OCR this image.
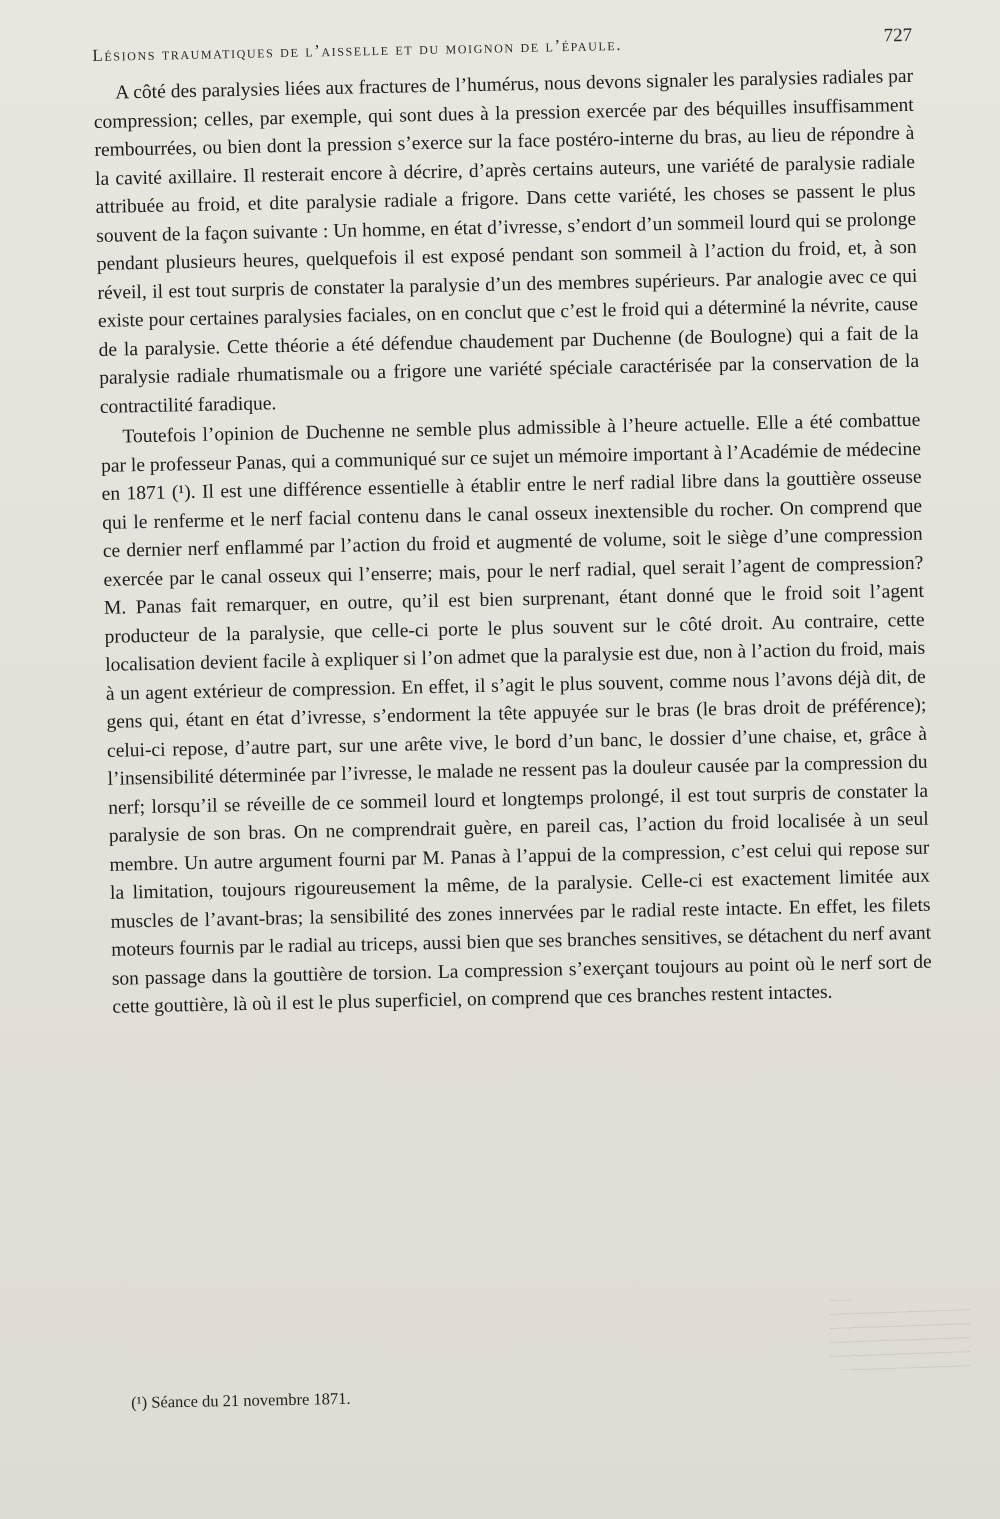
Lésions traumatiques de l’aisselle et du moignon de l’épaule.	727

A côté des paralysies liées aux fractures de l’humérus, nous devons signaler les paralysies radiales par compression; celles, par exemple, qui sont dues à la pression exercée par des béquilles insuffisamment rembourrées, ou bien dont la pression s’exerce sur la face postéro-interne du bras, au lieu de répondre à la cavité axillaire. Il resterait encore à décrire, d’après certains auteurs, une variété de paralysie radiale attribuée au froid, et dite paralysie radiale a frigore. Dans cette variété, les choses se passent le plus souvent de la façon suivante : Un homme, en état d’ivresse, s’endort d’un sommeil lourd qui se prolonge pendant plusieurs heures, quelquefois il est exposé pendant son sommeil à l’action du froid, et, à son réveil, il est tout surpris de constater la paralysie d’un des membres supérieurs. Par analogie avec ce qui existe pour certaines paralysies faciales, on en conclut que c’est le froid qui a déterminé la névrite, cause de la paralysie. Cette théorie a été défendue chaudement par Duchenne (de Boulogne) qui a fait de la paralysie radiale rhumatismale ou a frigore une variété spéciale caractérisée par la conservation de la contractilité faradique.

Toutefois l’opinion de Duchenne ne semble plus admissible à l’heure actuelle. Elle a été combattue par le professeur Panas, qui a communiqué sur ce sujet un mémoire important à l’Académie de médecine en 1871 (¹). Il est une différence essentielle à établir entre le nerf radial libre dans la gouttière osseuse qui le renferme et le nerf facial contenu dans le canal osseux inextensible du rocher. On comprend que ce dernier nerf enflammé par l’action du froid et augmenté de volume, soit le siège d’une compression exercée par le canal osseux qui l’enserre; mais, pour le nerf radial, quel serait l’agent de compression? M. Panas fait remarquer, en outre, qu’il est bien surprenant, étant donné que le froid soit l’agent producteur de la paralysie, que celle-ci porte le plus souvent sur le côté droit. Au contraire, cette localisation devient facile à expliquer si l’on admet que la paralysie est due, non à l’action du froid, mais à un agent extérieur de compression. En effet, il s’agit le plus souvent, comme nous l’avons déjà dit, de gens qui, étant en état d’ivresse, s’endorment la tête appuyée sur le bras (le bras droit de préférence); celui-ci repose, d’autre part, sur une arête vive, le bord d’un banc, le dossier d’une chaise, et, grâce à l’insensibilité déterminée par l’ivresse, le malade ne ressent pas la douleur causée par la compression du nerf; lorsqu’il se réveille de ce sommeil lourd et longtemps prolongé, il est tout surpris de constater la paralysie de son bras. On ne comprendrait guère, en pareil cas, l’action du froid localisée à un seul membre. Un autre argument fourni par M. Panas à l’appui de la compression, c’est celui qui repose sur la limitation, toujours rigoureusement la même, de la paralysie. Celle-ci est exactement limitée aux muscles de l’avant-bras; la sensibilité des zones innervées par le radial reste intacte. En effet, les filets moteurs fournis par le radial au triceps, aussi bien que ses branches sensitives, se détachent du nerf avant son passage dans la gouttière de torsion. La compression s’exerçant toujours au point où le nerf sort de cette gouttière, là où il est le plus superficiel, on comprend que ces branches restent intactes.

(¹) Séance du 21 novembre 1871.
